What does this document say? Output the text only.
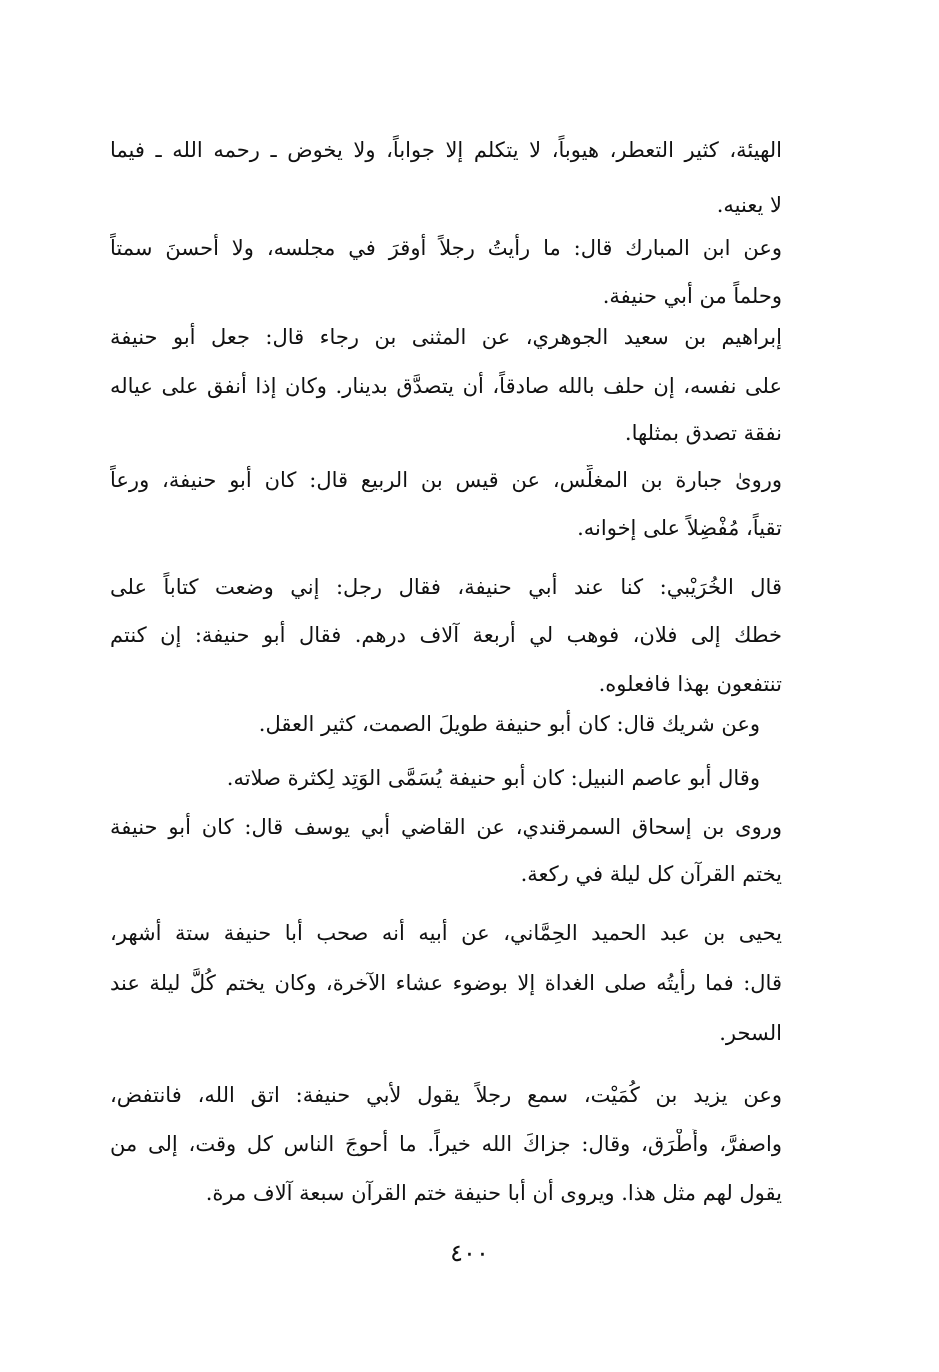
الهيئة، كثير التعطر، هيوباً، لا يتكلم إلا جواباً، ولا يخوض ـ رحمه الله ـ فيما
لا يعنيه.
وعن ابن المبارك قال: ما رأيتُ رجلاً أوقرَ في مجلسه، ولا أحسنَ سمتاً
وحلماً من أبي حنيفة.
إبراهيم بن سعيد الجوهري، عن المثنى بن رجاء قال: جعل أبو حنيفة
على نفسه، إن حلف بالله صادقاً، أن يتصدَّق بدينار. وكان إذا أنفق على عياله
نفقة تصدق بمثلها.
وروىٰ جبارة بن المغلِّس، عن قيس بن الربيع قال: كان أبو حنيفة، ورعاً
تقياً، مُفْضِلاً على إخوانه.
قال الخُرَيْبي: كنا عند أبي حنيفة، فقال رجل: إني وضعت كتاباً على
خطك إلى فلان، فوهب لي أربعة آلاف درهم. فقال أبو حنيفة: إن كنتم
تنتفعون بهذا فافعلوه.
وعن شريك قال: كان أبو حنيفة طويلَ الصمت، كثير العقل.
وقال أبو عاصم النبيل: كان أبو حنيفة يُسَمَّى الوَتِد لِكثرة صلاته.
وروى بن إسحاق السمرقندي، عن القاضي أبي يوسف قال: كان أبو حنيفة
يختم القرآن كل ليلة في ركعة.
يحيى بن عبد الحميد الحِمَّاني، عن أبيه أنه صحب أبا حنيفة ستة أشهر،
قال: فما رأيتُه صلى الغداة إلا بوضوء عشاء الآخرة، وكان يختم كُلَّ ليلة عند
السحر.
وعن يزيد بن كُمَيْت، سمع رجلاً يقول لأبي حنيفة: اتق الله، فانتفض،
واصفرَّ، وأَطْرَق، وقال: جزاكَ الله خيراً. ما أحوجَ الناس كل وقت، إلى من
يقول لهم مثل هذا. ويروى أن أبا حنيفة ختم القرآن سبعة آلاف مرة.
٤٠٠
